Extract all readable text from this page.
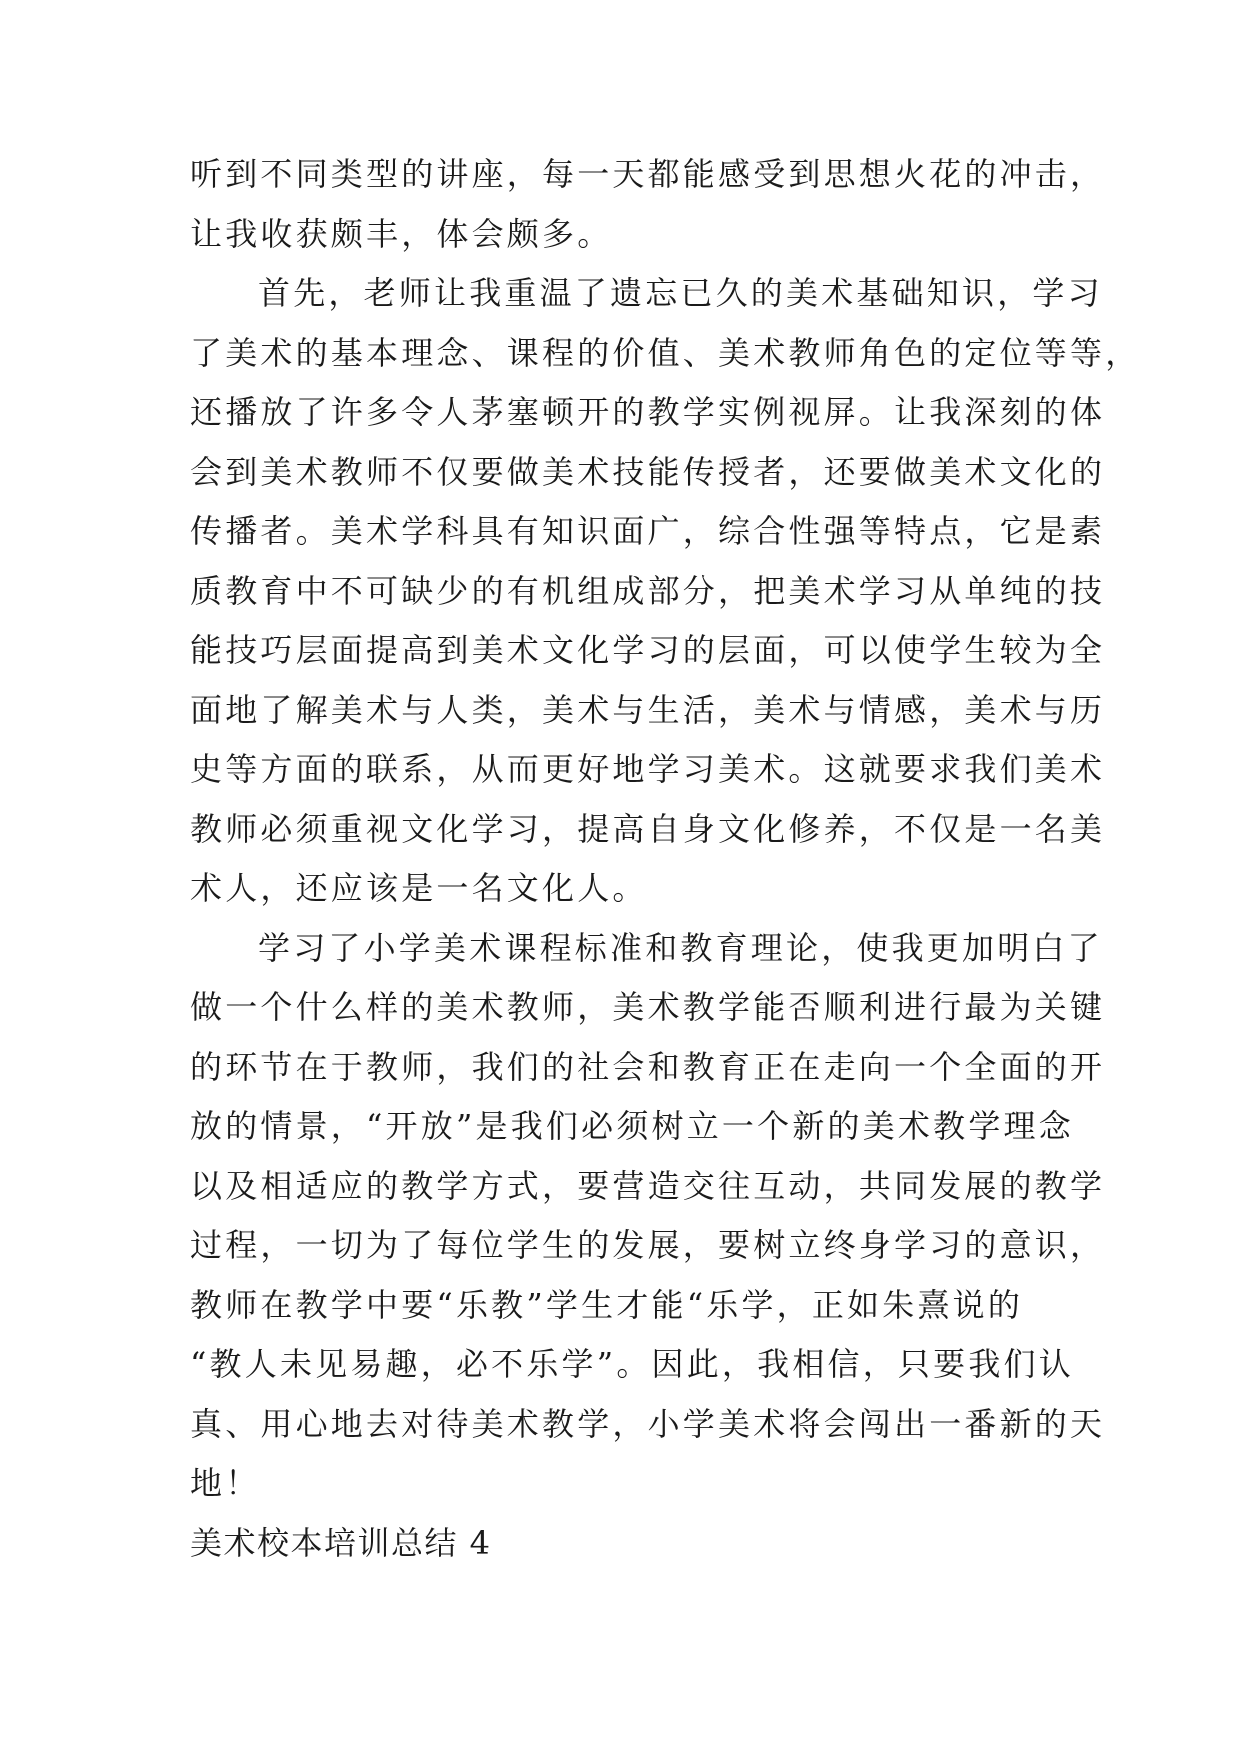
听到不同类型的讲座，每一天都能感受到思想火花的冲击，
让我收获颇丰，体会颇多。
首先，老师让我重温了遗忘已久的美术基础知识，学习
了美术的基本理念、课程的价值、美术教师角色的定位等等，
还播放了许多令人茅塞顿开的教学实例视屏。让我深刻的体
会到美术教师不仅要做美术技能传授者，还要做美术文化的
传播者。美术学科具有知识面广，综合性强等特点，它是素
质教育中不可缺少的有机组成部分，把美术学习从单纯的技
能技巧层面提高到美术文化学习的层面，可以使学生较为全
面地了解美术与人类，美术与生活，美术与情感，美术与历
史等方面的联系，从而更好地学习美术。这就要求我们美术
教师必须重视文化学习，提高自身文化修养，不仅是一名美
术人，还应该是一名文化人。
学习了小学美术课程标准和教育理论，使我更加明白了
做一个什么样的美术教师，美术教学能否顺利进行最为关键
的环节在于教师，我们的社会和教育正在走向一个全面的开
放的情景，“开放”是我们必须树立一个新的美术教学理念
以及相适应的教学方式，要营造交往互动，共同发展的教学
过程，一切为了每位学生的发展，要树立终身学习的意识，
教师在教学中要“乐教”学生才能“乐学，正如朱熹说的
“教人未见易趣，必不乐学”。因此，我相信，只要我们认
真、用心地去对待美术教学，小学美术将会闯出一番新的天
地！
美术校本培训总结 4
